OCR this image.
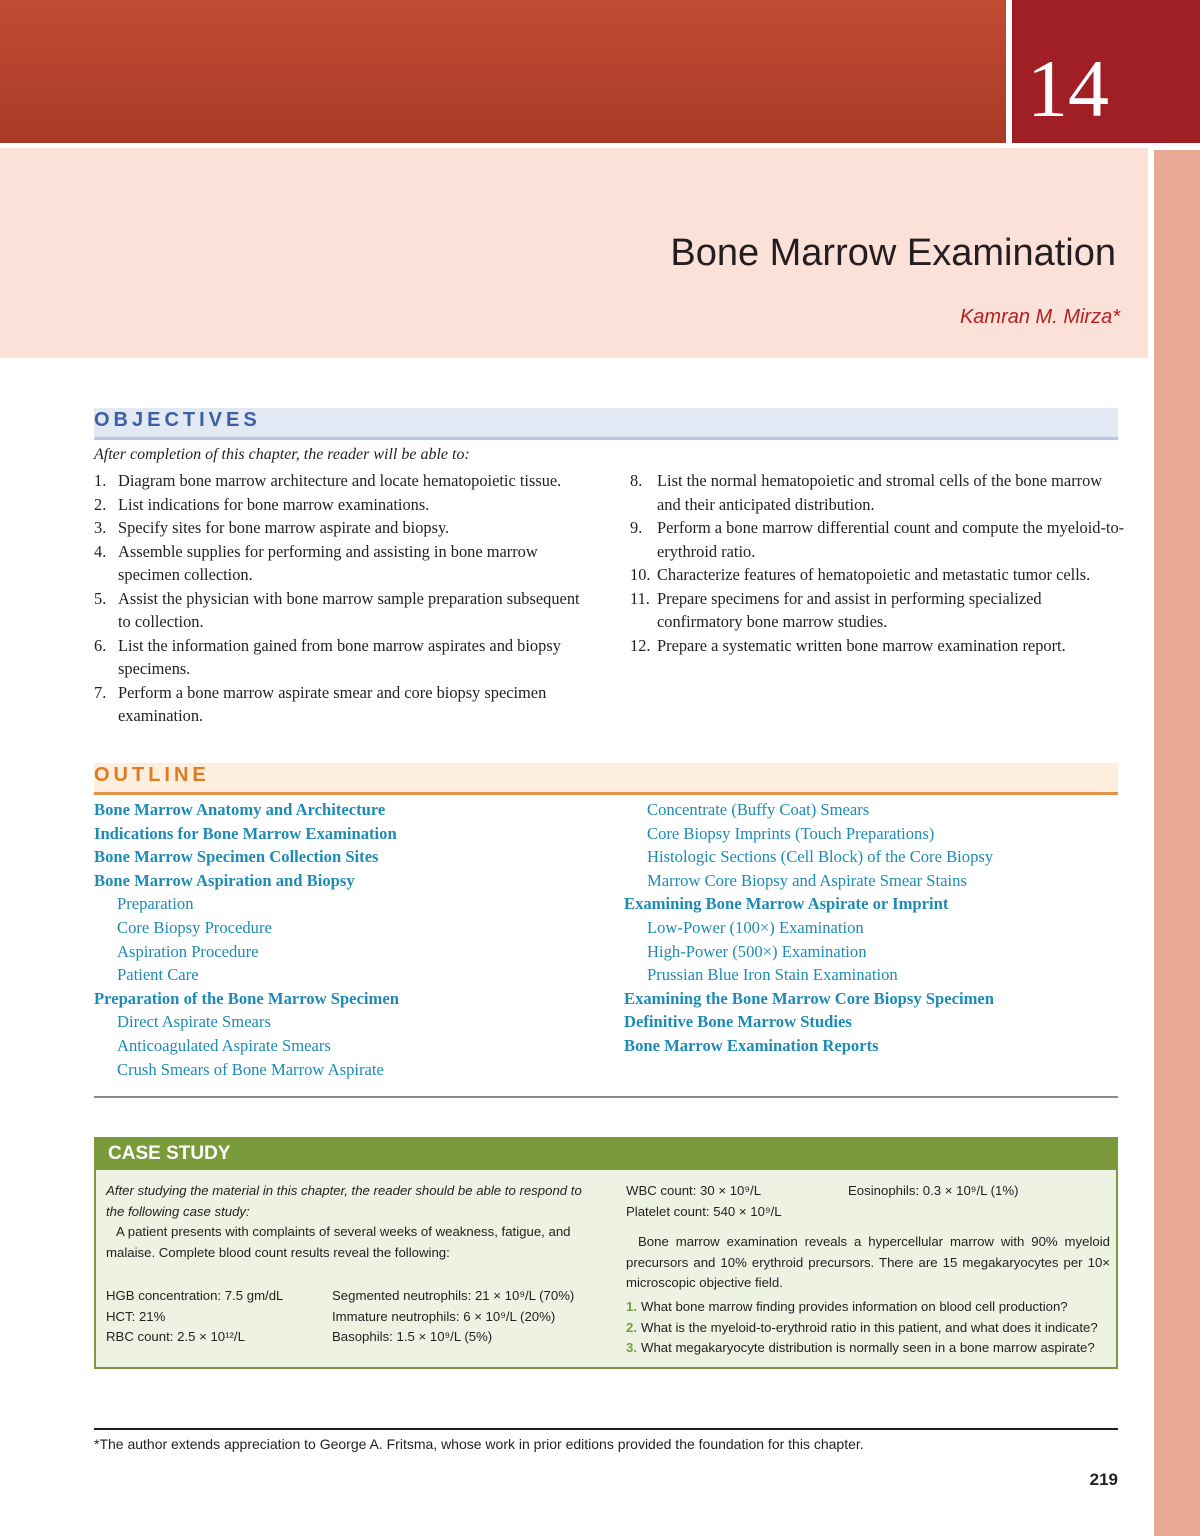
14
Bone Marrow Examination
Kamran M. Mirza*
OBJECTIVES
After completion of this chapter, the reader will be able to:
1. Diagram bone marrow architecture and locate hematopoietic tissue.
2. List indications for bone marrow examinations.
3. Specify sites for bone marrow aspirate and biopsy.
4. Assemble supplies for performing and assisting in bone marrow specimen collection.
5. Assist the physician with bone marrow sample preparation subsequent to collection.
6. List the information gained from bone marrow aspirates and biopsy specimens.
7. Perform a bone marrow aspirate smear and core biopsy specimen examination.
8. List the normal hematopoietic and stromal cells of the bone marrow and their anticipated distribution.
9. Perform a bone marrow differential count and compute the myeloid-to-erythroid ratio.
10. Characterize features of hematopoietic and metastatic tumor cells.
11. Prepare specimens for and assist in performing specialized confirmatory bone marrow studies.
12. Prepare a systematic written bone marrow examination report.
OUTLINE
Bone Marrow Anatomy and Architecture
Indications for Bone Marrow Examination
Bone Marrow Specimen Collection Sites
Bone Marrow Aspiration and Biopsy
Preparation
Core Biopsy Procedure
Aspiration Procedure
Patient Care
Preparation of the Bone Marrow Specimen
Direct Aspirate Smears
Anticoagulated Aspirate Smears
Crush Smears of Bone Marrow Aspirate
Concentrate (Buffy Coat) Smears
Core Biopsy Imprints (Touch Preparations)
Histologic Sections (Cell Block) of the Core Biopsy
Marrow Core Biopsy and Aspirate Smear Stains
Examining Bone Marrow Aspirate or Imprint
Low-Power (100×) Examination
High-Power (500×) Examination
Prussian Blue Iron Stain Examination
Examining the Bone Marrow Core Biopsy Specimen
Definitive Bone Marrow Studies
Bone Marrow Examination Reports
CASE STUDY
After studying the material in this chapter, the reader should be able to respond to the following case study:
A patient presents with complaints of several weeks of weakness, fatigue, and malaise. Complete blood count results reveal the following:
HGB concentration: 7.5 gm/dL
HCT: 21%
RBC count: 2.5 × 10¹²/L
Segmented neutrophils: 21 × 10⁹/L (70%)
Immature neutrophils: 6 × 10⁹/L (20%)
Basophils: 1.5 × 10⁹/L (5%)
WBC count: 30 × 10⁹/L
Platelet count: 540 × 10⁹/L
Eosinophils: 0.3 × 10⁹/L (1%)
Bone marrow examination reveals a hypercellular marrow with 90% myeloid precursors and 10% erythroid precursors. There are 15 megakaryocytes per 10× microscopic objective field.
1. What bone marrow finding provides information on blood cell production?
2. What is the myeloid-to-erythroid ratio in this patient, and what does it indicate?
3. What megakaryocyte distribution is normally seen in a bone marrow aspirate?
*The author extends appreciation to George A. Fritsma, whose work in prior editions provided the foundation for this chapter.
219
